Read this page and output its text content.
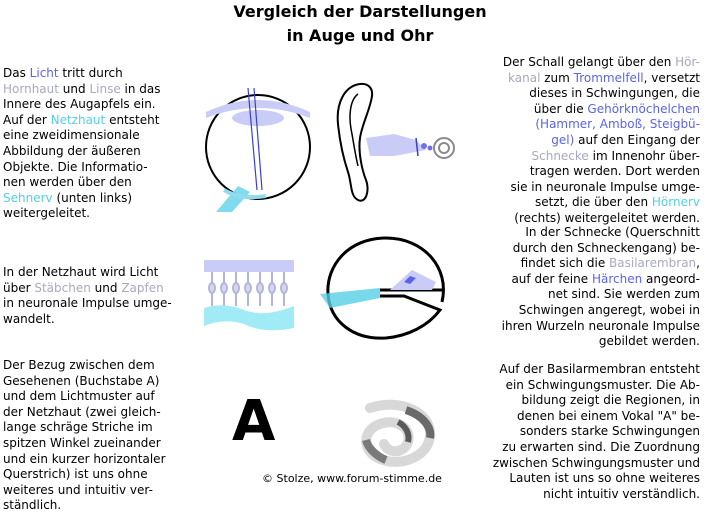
Vergleich der Darstellungen
in Auge und Ohr
Das Licht tritt durch
Hornhaut und Linse in das
Innere des Augapfels ein.
Auf der Netzhaut entsteht
eine zweidimensionale
Abbildung der äußeren
Objekte. Die Informatio-
nen werden über den
Sehnerv (unten links)
weitergeleitet.
In der Netzhaut wird Licht
über Stäbchen und Zapfen
in neuronale Impulse umge-
wandelt.
Der Bezug zwischen dem
Gesehenen (Buchstabe A)
und dem Lichtmuster auf
der Netzhaut (zwei gleich-
lange schräge Striche im
spitzen Winkel zueinander
und ein kurzer horizontaler
Querstrich) ist uns ohne
weiteres und intuitiv ver-
ständlich.
Der Schall gelangt über den Hör-
kanal zum Trommelfell, versetzt
dieses in Schwingungen, die
über die Gehörknöchelchen
(Hammer, Amboß, Steigbü-
gel) auf den Eingang der
Schnecke im Innenohr über-
tragen werden. Dort werden
sie in neuronale Impulse umge-
setzt, die über den Hörnerv
(rechts) weitergeleitet werden.
In der Schnecke (Querschnitt
durch den Schneckengang) be-
findet sich die Basilarembran,
auf der feine Härchen angeord-
net sind. Sie werden zum
Schwingen angeregt, wobei in
ihren Wurzeln neuronale Impulse
gebildet werden.
Auf der Basilarmembran entsteht
ein Schwingungsmuster. Die Ab-
bildung zeigt die Regionen, in
denen bei einem Vokal "A" be-
sonders starke Schwingungen
zu erwarten sind. Die Zuordnung
zwischen Schwingungsmuster und
Lauten ist uns so ohne weiteres
nicht intuitiv verständlich.
A
© Stolze, www.forum-stimme.de
